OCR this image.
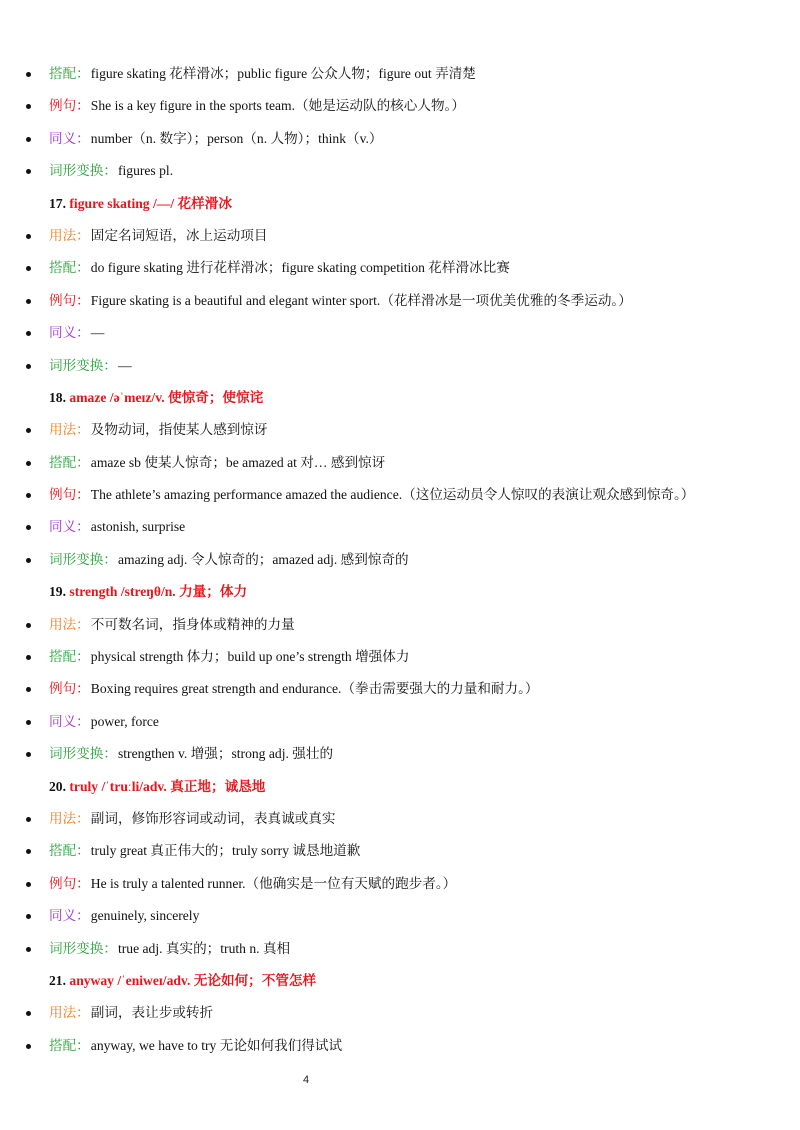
搭配：figure skating 花样滑冰；public figure 公众人物；figure out 弄清楚
例句：She is a key figure in the sports team.（她是运动队的核心人物。）
同义：number（n. 数字）；person（n. 人物）；think（v.）
词形变换：figures pl.
17. figure skating /—/ 花样滑冰
用法：固定名词短语，冰上运动项目
搭配：do figure skating 进行花样滑冰；figure skating competition 花样滑冰比赛
例句：Figure skating is a beautiful and elegant winter sport.（花样滑冰是一项优美优雅的冬季运动。）
同义：—
词形变换：—
18. amaze /əˈmeɪz/v. 使惊奇；使惊诧
用法：及物动词，指使某人感到惊讶
搭配：amaze sb 使某人惊奇；be amazed at 对… 感到惊讶
例句：The athlete’s amazing performance amazed the audience.（这位运动员令人惊叹的表演让观众感到惊奇。）
同义：astonish, surprise
词形变换：amazing adj. 令人惊奇的；amazed adj. 感到惊奇的
19. strength /streŋθ/n. 力量；体力
用法：不可数名词，指身体或精神的力量
搭配：physical strength 体力；build up one’s strength 增强体力
例句：Boxing requires great strength and endurance.（拳击需要强大的力量和耐力。）
同义：power, force
词形变换：strengthen v. 增强；strong adj. 强壮的
20. truly /ˈtruːli/adv. 真正地；诚恳地
用法：副词，修饰形容词或动词，表真诚或真实
搭配：truly great 真正伟大的；truly sorry 诚恳地道歉
例句：He is truly a talented runner.（他确实是一位有天赋的跑步者。）
同义：genuinely, sincerely
词形变换：true adj. 真实的；truth n. 真相
21. anyway /ˈeniweɪ/adv. 无论如何；不管怎样
用法：副词，表让步或转折
搭配：anyway, we have to try 无论如何我们得试试
4
